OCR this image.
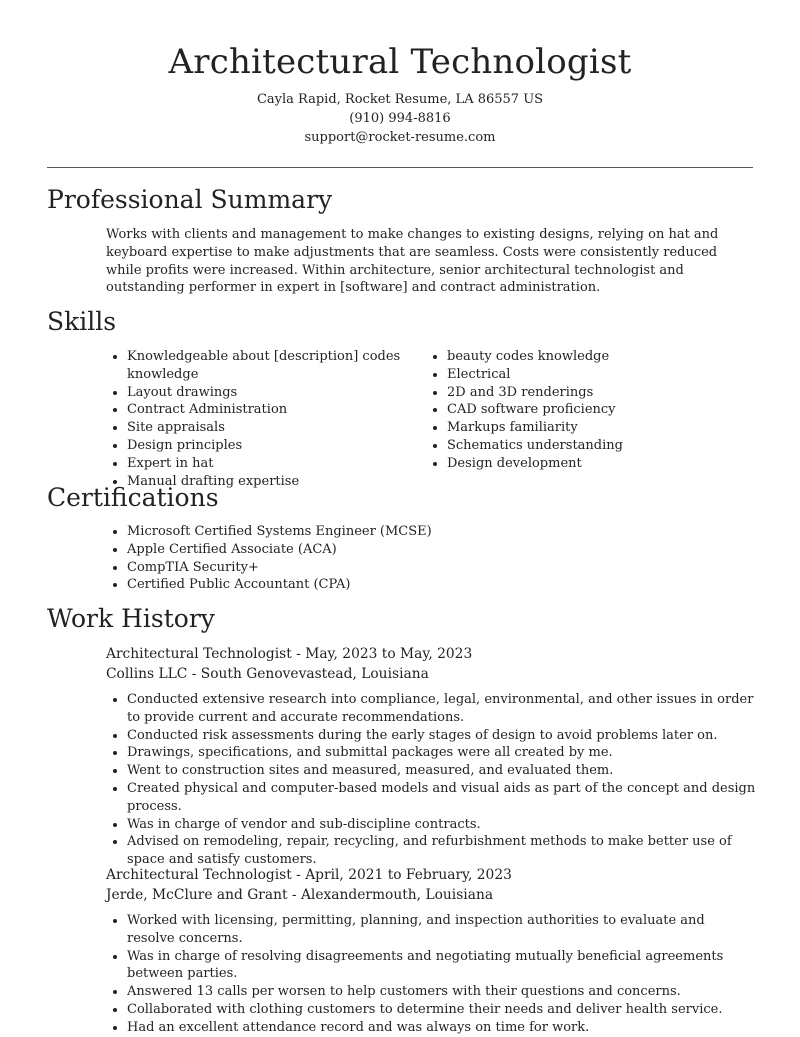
Architectural Technologist
Cayla Rapid, Rocket Resume, LA 86557 US
(910) 994-8816
support@rocket-resume.com
Professional Summary

Works with clients and management to make changes to existing designs, relying on hat and keyboard expertise to make adjustments that are seamless. Costs were consistently reduced while profits were increased. Within architecture, senior architectural technologist and outstanding performer in expert in [software] and contract administration.

Skills
• Knowledgeable about [description] codes knowledge
• Layout drawings
• Contract Administration
• Site appraisals
• Design principles
• Expert in hat
• Manual drafting expertise
• beauty codes knowledge
• Electrical
• 2D and 3D renderings
• CAD software proficiency
• Markups familiarity
• Schematics understanding
• Design development
Certifications
• Microsoft Certified Systems Engineer (MCSE)
• Apple Certified Associate (ACA)
• CompTIA Security+
• Certified Public Accountant (CPA)
Work History

Architectural Technologist - May, 2023 to May, 2023

Collins LLC - South Genovevastead, Louisiana

• Conducted extensive research into compliance, legal, environmental, and other issues in order to provide current and accurate recommendations.
• Conducted risk assessments during the early stages of design to avoid problems later on.
• Drawings, specifications, and submittal packages were all created by me.
• Went to construction sites and measured, measured, and evaluated them.
• Created physical and computer-based models and visual aids as part of the concept and design process.
• Was in charge of vendor and sub-discipline contracts.
• Advised on remodeling, repair, recycling, and refurbishment methods to make better use of space and satisfy customers.

Architectural Technologist - April, 2021 to February, 2023

Jerde, McClure and Grant - Alexandermouth, Louisiana

• Worked with licensing, permitting, planning, and inspection authorities to evaluate and resolve concerns.
• Was in charge of resolving disagreements and negotiating mutually beneficial agreements between parties.
• Answered 13 calls per worsen to help customers with their questions and concerns.
• Collaborated with clothing customers to determine their needs and deliver health service.
• Had an excellent attendance record and was always on time for work.
